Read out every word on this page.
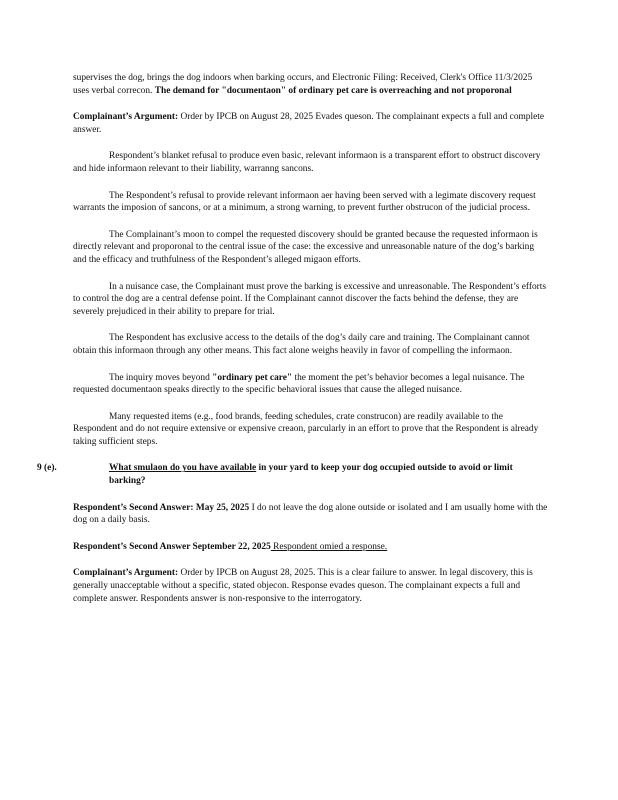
supervises the dog, brings the dog indoors when barking occurs, and Electronic Filing: Received, Clerk's Office 11/3/2025 uses verbal correcon. The demand for "documentaon" of ordinary pet care is overreaching and not proporonal

Complainant’s Argument: Order by IPCB on August 28, 2025 Evades queson. The complainant expects a full and complete answer.

Respondent’s blanket refusal to produce even basic, relevant informaon is a transparent effort to obstruct discovery and hide informaon relevant to their liability, warranng sancons.

The Respondent’s refusal to provide relevant informaon aer having been served with a legimate discovery request warrants the imposion of sancons, or at a minimum, a strong warning, to prevent further obstrucon of the judicial process.

The Complainant’s moon to compel the requested discovery should be granted because the requested informaon is directly relevant and proporonal to the central issue of the case: the excessive and unreasonable nature of the dog’s barking and the efficacy and truthfulness of the Respondent’s alleged migaon efforts.

In a nuisance case, the Complainant must prove the barking is excessive and unreasonable. The Respondent’s efforts to control the dog are a central defense point. If the Complainant cannot discover the facts behind the defense, they are severely prejudiced in their ability to prepare for trial.

The Respondent has exclusive access to the details of the dog’s daily care and training. The Complainant cannot obtain this informaon through any other means. This fact alone weighs heavily in favor of compelling the informaon.

The inquiry moves beyond "ordinary pet care" the moment the pet’s behavior becomes a legal nuisance. The requested documentaon speaks directly to the specific behavioral issues that cause the alleged nuisance.

Many requested items (e.g., food brands, feeding schedules, crate construcon) are readily available to the Respondent and do not require extensive or expensive creaon, parcularly in an effort to prove that the Respondent is already taking sufficient steps.

9 (e).	What smulaon do you have available in your yard to keep your dog occupied outside to avoid or limit barking?

Respondent’s Second Answer: May 25, 2025 I do not leave the dog alone outside or isolated and I am usually home with the dog on a daily basis.

Respondent’s Second Answer September 22, 2025 Respondent omied a response.

Complainant’s Argument: Order by IPCB on August 28, 2025. This is a clear failure to answer. In legal discovery, this is generally unacceptable without a specific, stated objecon. Response evades queson. The complainant expects a full and complete answer. Respondents answer is non-responsive to the interrogatory.
